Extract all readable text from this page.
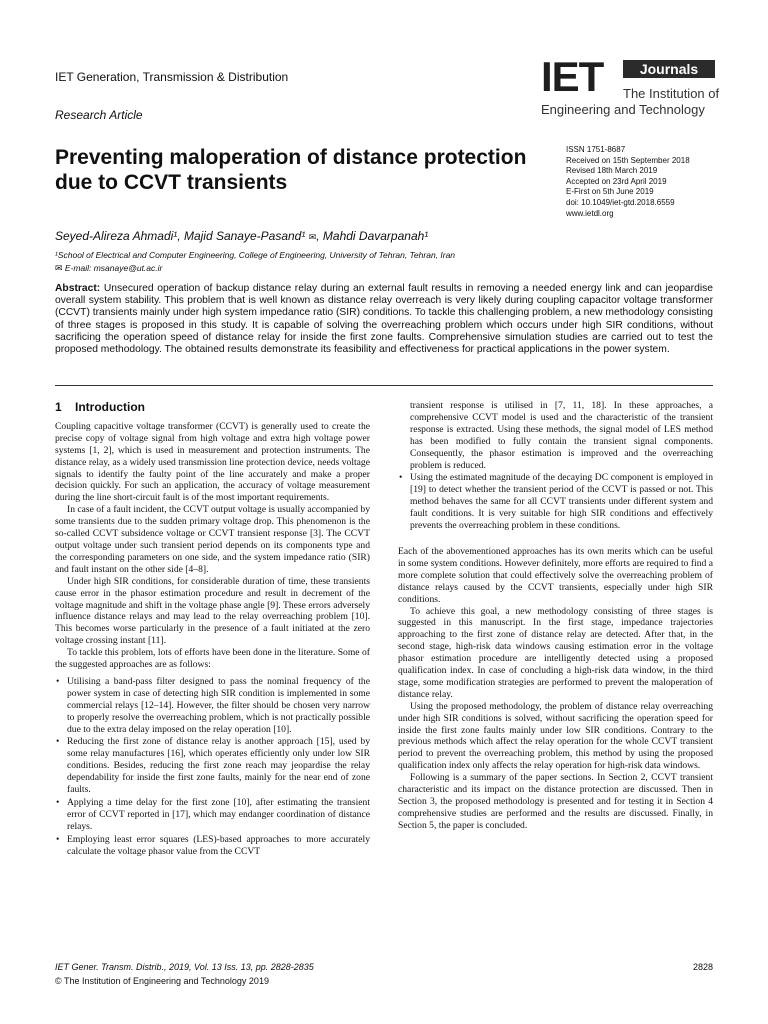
IET Generation, Transmission & Distribution
Research Article
IET	Journals
The Institution of
Engineering and Technology
Preventing maloperation of distance protection due to CCVT transients
ISSN 1751-8687
Received on 15th September 2018
Revised 18th March 2019
Accepted on 23rd April 2019
E-First on 5th June 2019
doi: 10.1049/iet-gtd.2018.6559
www.ietdl.org
Seyed-Alireza Ahmadi¹, Majid Sanaye-Pasand¹ ✉, Mahdi Davarpanah¹
¹School of Electrical and Computer Engineering, College of Engineering, University of Tehran, Tehran, Iran
✉ E-mail: msanaye@ut.ac.ir

Abstract: Unsecured operation of backup distance relay during an external fault results in removing a needed energy link and can jeopardise overall system stability. This problem that is well known as distance relay overreach is very likely during coupling capacitor voltage transformer (CCVT) transients mainly under high system impedance ratio (SIR) conditions. To tackle this challenging problem, a new methodology consisting of three stages is proposed in this study. It is capable of solving the overreaching problem which occurs under high SIR conditions, without sacrificing the operation speed of distance relay for inside the first zone faults. Comprehensive simulation studies are carried out to test the proposed methodology. The obtained results demonstrate its feasibility and effectiveness for practical applications in the power system.

1 Introduction

Coupling capacitive voltage transformer (CCVT) is generally used to create the precise copy of voltage signal from high voltage and extra high voltage power systems [1, 2], which is used in measurement and protection instruments. The distance relay, as a widely used transmission line protection device, needs voltage signals to identify the faulty point of the line accurately and make a proper decision quickly. For such an application, the accuracy of voltage measurement during the line short-circuit fault is of the most important requirements.

In case of a fault incident, the CCVT output voltage is usually accompanied by some transients due to the sudden primary voltage drop. This phenomenon is the so-called CCVT subsidence voltage or CCVT transient response [3]. The CCVT output voltage under such transient period depends on its components type and the corresponding parameters on one side, and the system impedance ratio (SIR) and fault instant on the other side [4–8].

Under high SIR conditions, for considerable duration of time, these transients cause error in the phasor estimation procedure and result in decrement of the voltage magnitude and shift in the voltage phase angle [9]. These errors adversely influence distance relays and may lead to the relay overreaching problem [10]. This becomes worse particularly in the presence of a fault initiated at the zero voltage crossing instant [11].

To tackle this problem, lots of efforts have been done in the literature. Some of the suggested approaches are as follows:

• Utilising a band-pass filter designed to pass the nominal frequency of the power system in case of detecting high SIR condition is implemented in some commercial relays [12–14]. However, the filter should be chosen very narrow to properly resolve the overreaching problem, which is not practically possible due to the extra delay imposed on the relay operation [10].
• Reducing the first zone of distance relay is another approach [15], used by some relay manufactures [16], which operates efficiently only under low SIR conditions. Besides, reducing the first zone reach may jeopardise the relay dependability for inside the first zone faults, mainly for the near end of zone faults.
• Applying a time delay for the first zone [10], after estimating the transient error of CCVT reported in [17], which may endanger coordination of distance relays.
• Employing least error squares (LES)-based approaches to more accurately calculate the voltage phasor value from the CCVT

transient response is utilised in [7, 11, 18]. In these approaches, a comprehensive CCVT model is used and the characteristic of the transient response is extracted. Using these methods, the signal model of LES method has been modified to fully contain the transient signal components. Consequently, the phasor estimation is improved and the overreaching problem is reduced.

• Using the estimated magnitude of the decaying DC component is employed in [19] to detect whether the transient period of the CCVT is passed or not. This method behaves the same for all CCVT transients under different system and fault conditions. It is very suitable for high SIR conditions and effectively prevents the overreaching problem in these conditions.

Each of the abovementioned approaches has its own merits which can be useful in some system conditions. However definitely, more efforts are required to find a more complete solution that could effectively solve the overreaching problem of distance relays caused by the CCVT transients, especially under high SIR conditions.

To achieve this goal, a new methodology consisting of three stages is suggested in this manuscript. In the first stage, impedance trajectories approaching to the first zone of distance relay are detected. After that, in the second stage, high-risk data windows causing estimation error in the voltage phasor estimation procedure are intelligently detected using a proposed qualification index. In case of concluding a high-risk data window, in the third stage, some modification strategies are performed to prevent the maloperation of distance relay.

Using the proposed methodology, the problem of distance relay overreaching under high SIR conditions is solved, without sacrificing the operation speed for inside the first zone faults mainly under low SIR conditions. Contrary to the previous methods which affect the relay operation for the whole CCVT transient period to prevent the overreaching problem, this method by using the proposed qualification index only affects the relay operation for high-risk data windows.

Following is a summary of the paper sections. In Section 2, CCVT transient characteristic and its impact on the distance protection are discussed. Then in Section 3, the proposed methodology is presented and for testing it in Section 4 comprehensive studies are performed and the results are discussed. Finally, in Section 5, the paper is concluded.

IET Gener. Transm. Distrib., 2019, Vol. 13 Iss. 13, pp. 2828-2835
© The Institution of Engineering and Technology 2019
2828
